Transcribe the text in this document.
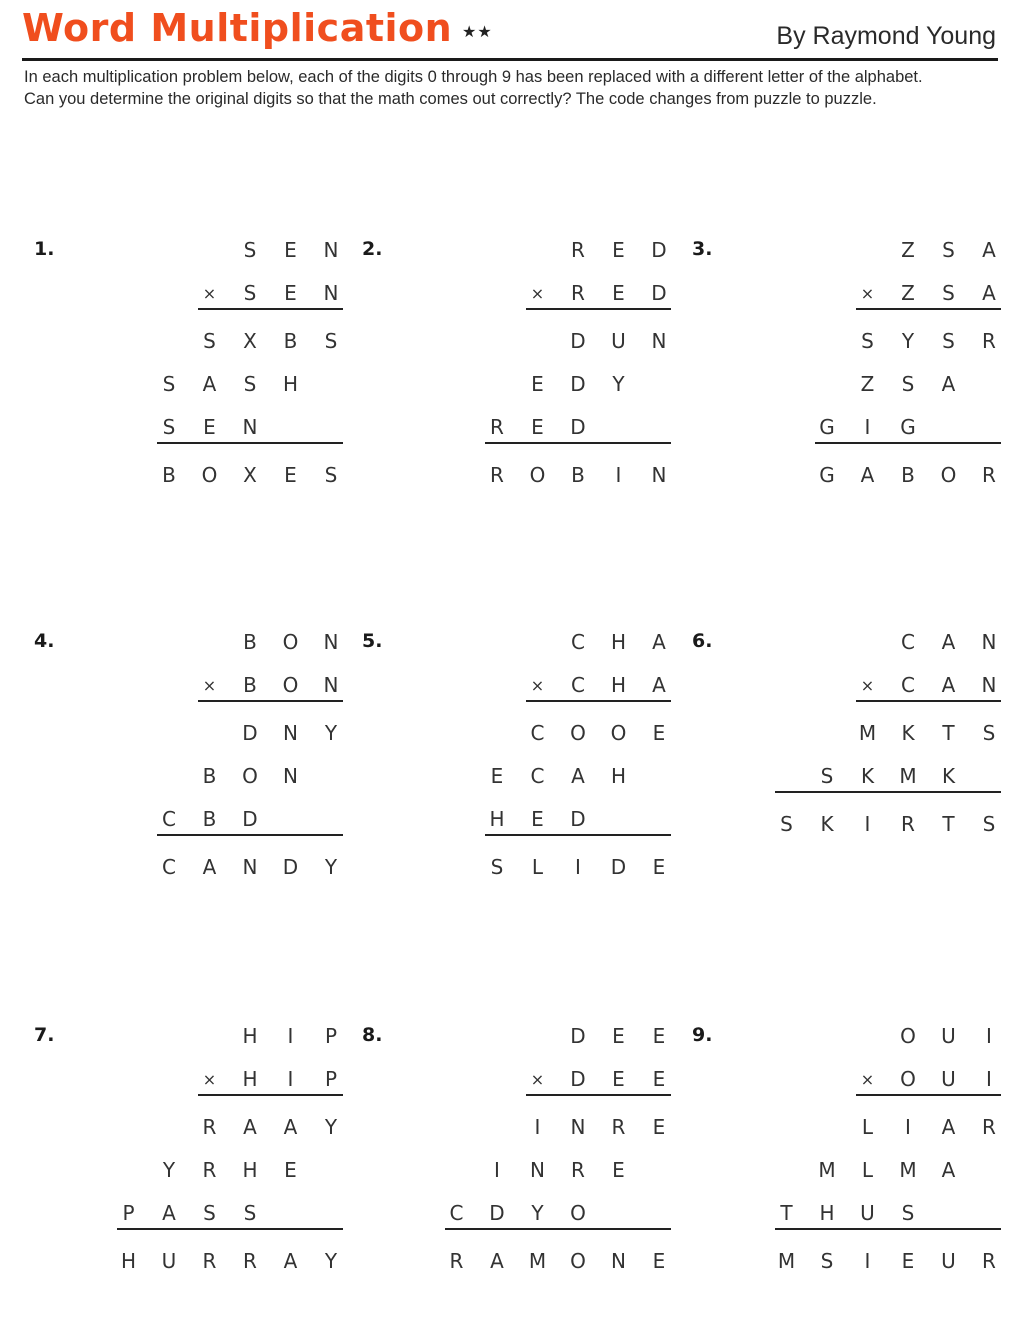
Word Multiplication ★★	By Raymond Young

In each multiplication problem below, each of the digits 0 through 9 has been replaced with a different letter of the alphabet.

Can you determine the original digits so that the math comes out correctly? The code changes from puzzle to puzzle.

1.	S E N
S E N
×
S X B S
S A S H
S E N
B O X E S
2.	R E D
R E D
×
D U N
E D Y
R E D
R O B	I	N
3.	Z S A
Z S A
×
S Y S R
Z S A
G	I	G
G A B O R
4.	B O N
B O N
×
D N Y
B O N
C B D
C A N D Y
5.	C H A
C H A
×
C O O E
E C A H
H E D
S L	I	D E
6.	C A N
C A N
×
M K T S
S K M K
S K	I	R T S
7.	H	I	P
H	I	P
×
R A A Y
Y R H E
P A S S
H U R R A Y
8.	D E E
D E E
×
I	N R E
I	N R E
C D Y O
R A M O N E
9.	O U	I
O U	I
×
L	I	A R
M L M A
T H U S
M S	I	E U R
